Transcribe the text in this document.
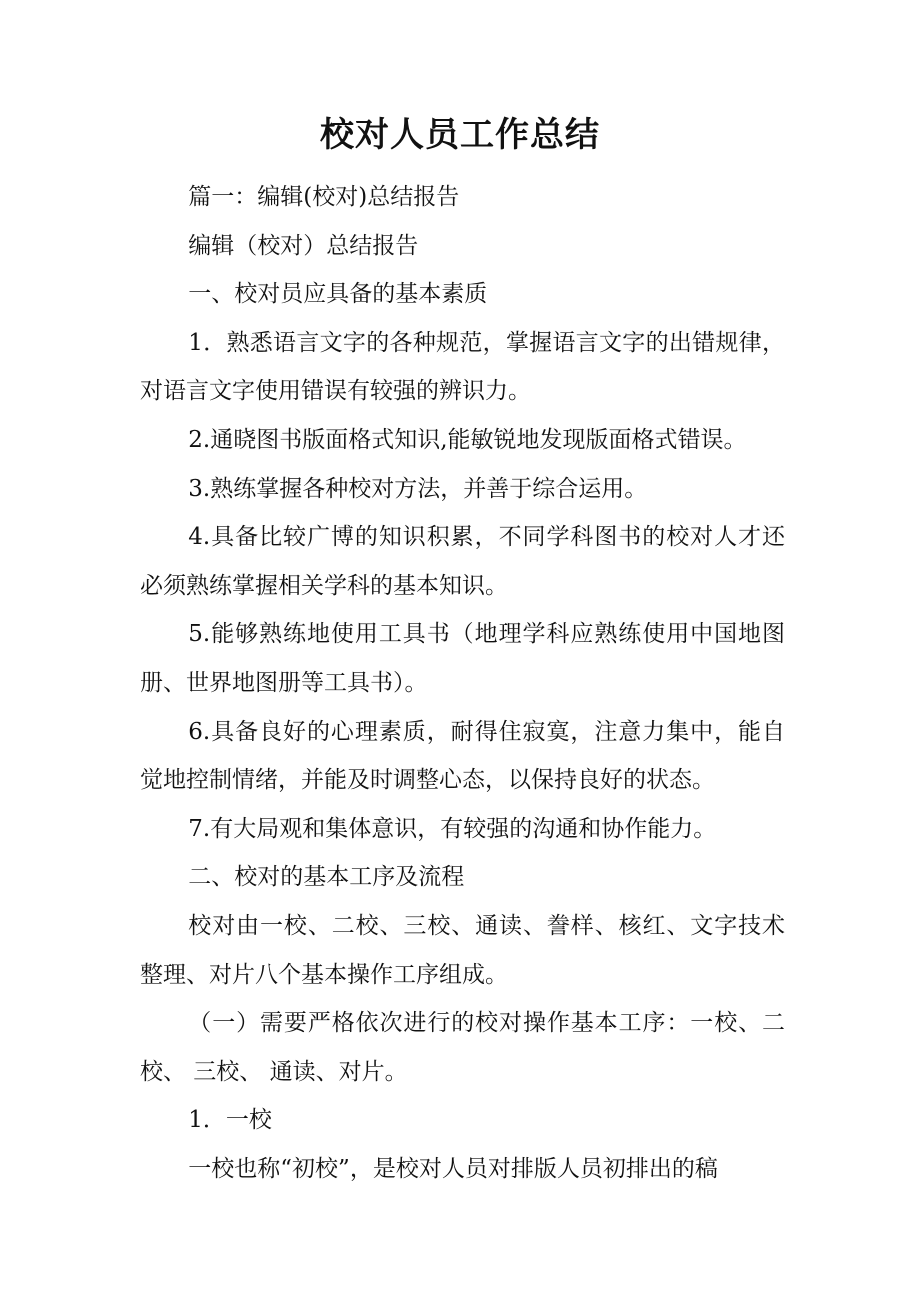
校对人员工作总结

篇一：编辑(校对)总结报告

编辑（校对）总结报告

一、校对员应具备的基本素质

1．熟悉语言文字的各种规范，掌握语言文字的出错规律，对语言文字使用错误有较强的辨识力。

2.通晓图书版面格式知识,能敏锐地发现版面格式错误。

3.熟练掌握各种校对方法，并善于综合运用。

4.具备比较广博的知识积累，不同学科图书的校对人才还必须熟练掌握相关学科的基本知识。

5.能够熟练地使用工具书（地理学科应熟练使用中国地图册、世界地图册等工具书）。

6.具备良好的心理素质，耐得住寂寞，注意力集中，能自觉地控制情绪，并能及时调整心态，以保持良好的状态。

7.有大局观和集体意识，有较强的沟通和协作能力。

二、校对的基本工序及流程

校对由一校、二校、三校、通读、誊样、核红、文字技术整理、对片八个基本操作工序组成。

（一）需要严格依次进行的校对操作基本工序：一校、二校、 三校、 通读、对片。

1．一校

一校也称“初校”，是校对人员对排版人员初排出的稿
